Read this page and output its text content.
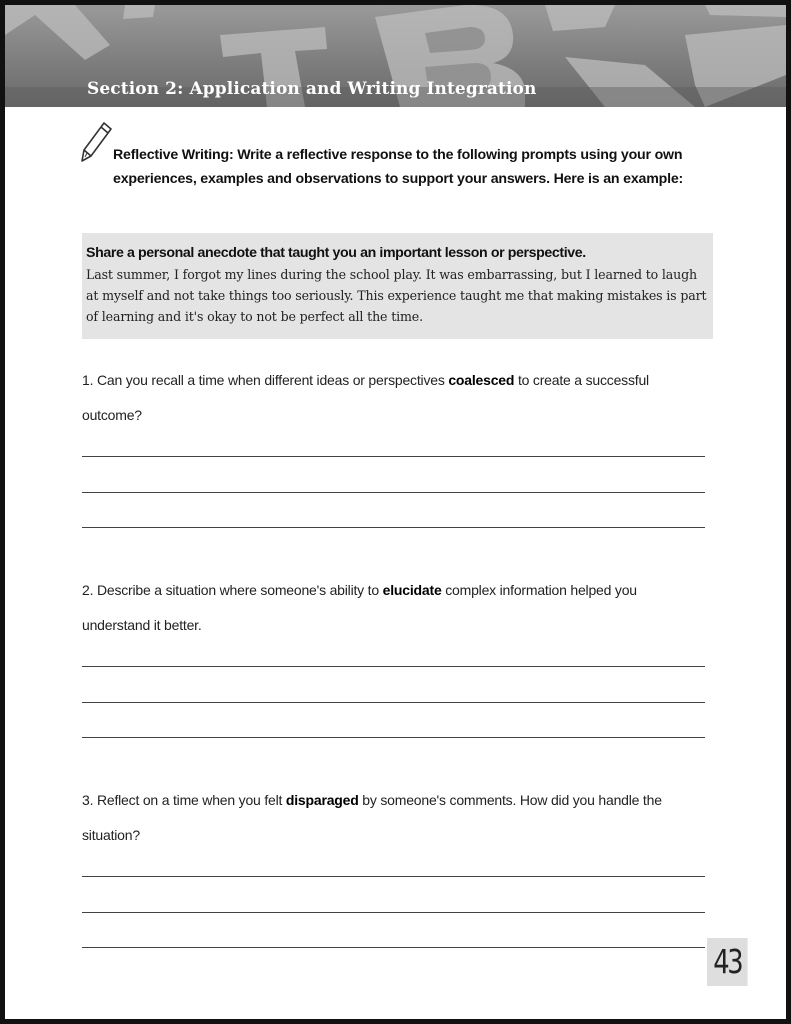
Section 2: Application and Writing Integration
Reflective Writing: Write a reflective response to the following prompts using your own experiences, examples and observations to support your answers. Here is an example:
Share a personal anecdote that taught you an important lesson or perspective.
Last summer, I forgot my lines during the school play. It was embarrassing, but I learned to laugh at myself and not take things too seriously. This experience taught me that making mistakes is part of learning and it's okay to not be perfect all the time.
1. Can you recall a time when different ideas or perspectives coalesced to create a successful outcome?
2. Describe a situation where someone's ability to elucidate complex information helped you understand it better.
3. Reflect on a time when you felt disparaged by someone's comments. How did you handle the situation?
43
